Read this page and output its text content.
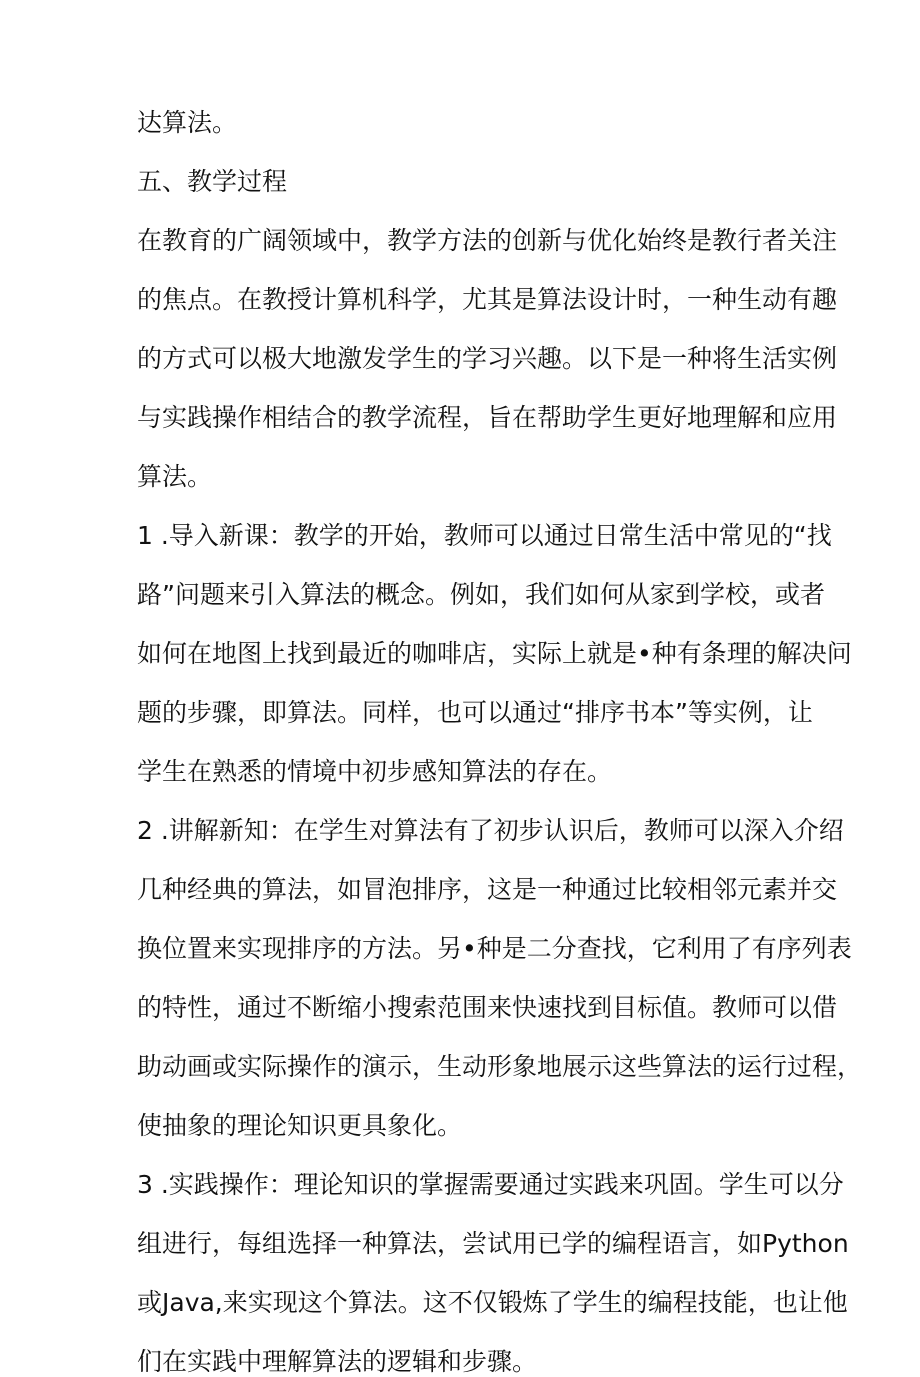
达算法。
五、教学过程
在教育的广阔领域中，教学方法的创新与优化始终是教行者关注
的焦点。在教授计算机科学，尤其是算法设计时，一种生动有趣
的方式可以极大地激发学生的学习兴趣。以下是一种将生活实例
与实践操作相结合的教学流程，旨在帮助学生更好地理解和应用
算法。
1 .导入新课：教学的开始，教师可以通过日常生活中常见的“找
路”问题来引入算法的概念。例如，我们如何从家到学校，或者
如何在地图上找到最近的咖啡店，实际上就是•种有条理的解决问
题的步骤，即算法。同样，也可以通过“排序书本”等实例，让
学生在熟悉的情境中初步感知算法的存在。
2 .讲解新知：在学生对算法有了初步认识后，教师可以深入介绍
几种经典的算法，如冒泡排序，这是一种通过比较相邻元素并交
换位置来实现排序的方法。另•种是二分查找，它利用了有序列表
的特性，通过不断缩小搜索范围来快速找到目标值。教师可以借
助动画或实际操作的演示，生动形象地展示这些算法的运行过程，
使抽象的理论知识更具象化。
3 .实践操作：理论知识的掌握需要通过实践来巩固。学生可以分
组进行，每组选择一种算法，尝试用已学的编程语言，如Python
或Java,来实现这个算法。这不仅锻炼了学生的编程技能，也让他
们在实践中理解算法的逻辑和步骤。
